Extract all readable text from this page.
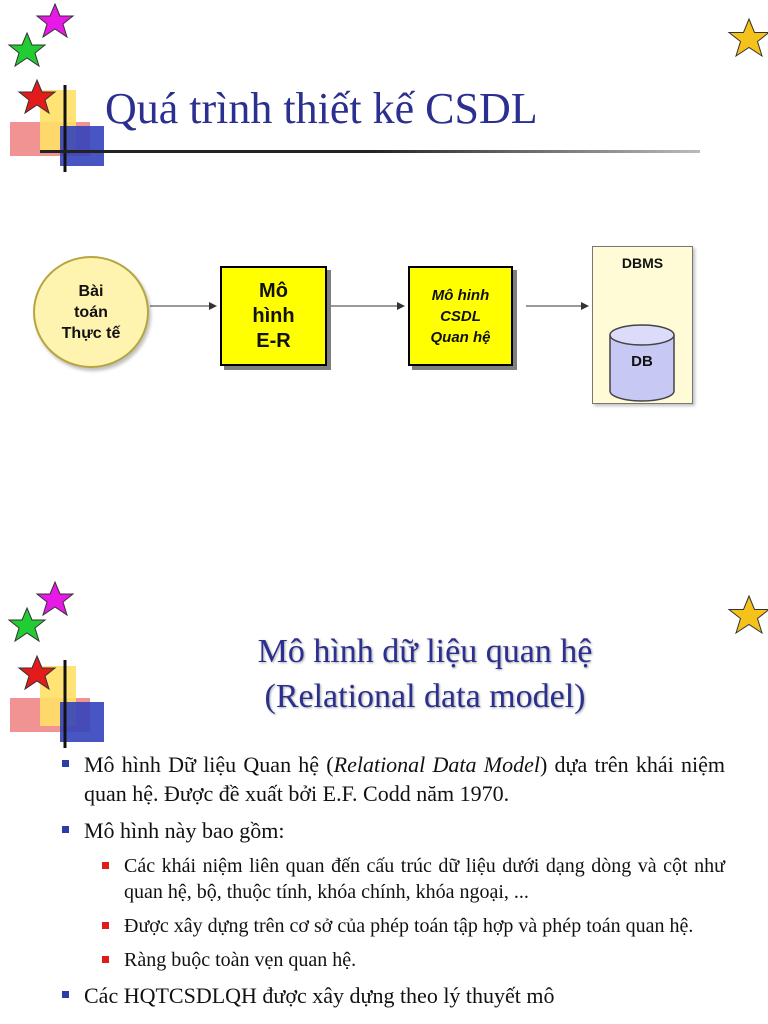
Quá trình thiết kế CSDL
Bài
toán
Thực tế
Mô
hình
E-R
Mô hinh
CSDL
Quan hệ
DBMS
DB
Mô hình dữ liệu quan hệ
(Relational data model)
Mô hình Dữ liệu Quan hệ (Relational Data Model) dựa trên khái niệm quan hệ. Được đề xuất bởi E.F. Codd năm 1970.
Mô hình này bao gồm:
Các khái niệm liên quan đến cấu trúc dữ liệu dưới dạng dòng và cột như quan hệ, bộ, thuộc tính, khóa chính, khóa ngoại, ...
Được xây dựng trên cơ sở của phép toán tập hợp và phép toán quan hệ.
Ràng buộc toàn vẹn quan hệ.
Các HQTCSDLQH được xây dựng theo lý thuyết mô
